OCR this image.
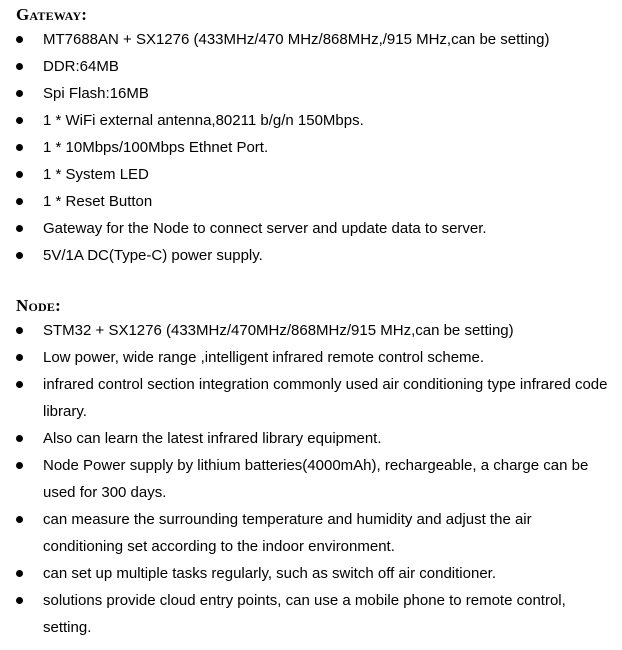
Gateway:
MT7688AN + SX1276 (433MHz/470 MHz/868MHz,/915 MHz,can be setting)
DDR:64MB
Spi Flash:16MB
1 * WiFi external antenna,80211 b/g/n 150Mbps.
1 * 10Mbps/100Mbps Ethnet Port.
1 * System LED
1 * Reset Button
Gateway for the Node to connect server and update data to server.
5V/1A DC(Type-C) power supply.
Node:
STM32 + SX1276 (433MHz/470MHz/868MHz/915 MHz,can be setting)
Low power, wide range ,intelligent infrared remote control scheme.
infrared control section integration commonly used air conditioning type infrared code library.
Also can learn the latest infrared library equipment.
Node Power supply by lithium batteries(4000mAh), rechargeable, a charge can be used for 300 days.
can measure the surrounding temperature and humidity and adjust the air conditioning set according to the indoor environment.
can set up multiple tasks regularly, such as switch off air conditioner.
solutions provide cloud entry points, can use a mobile phone to remote control, setting.
